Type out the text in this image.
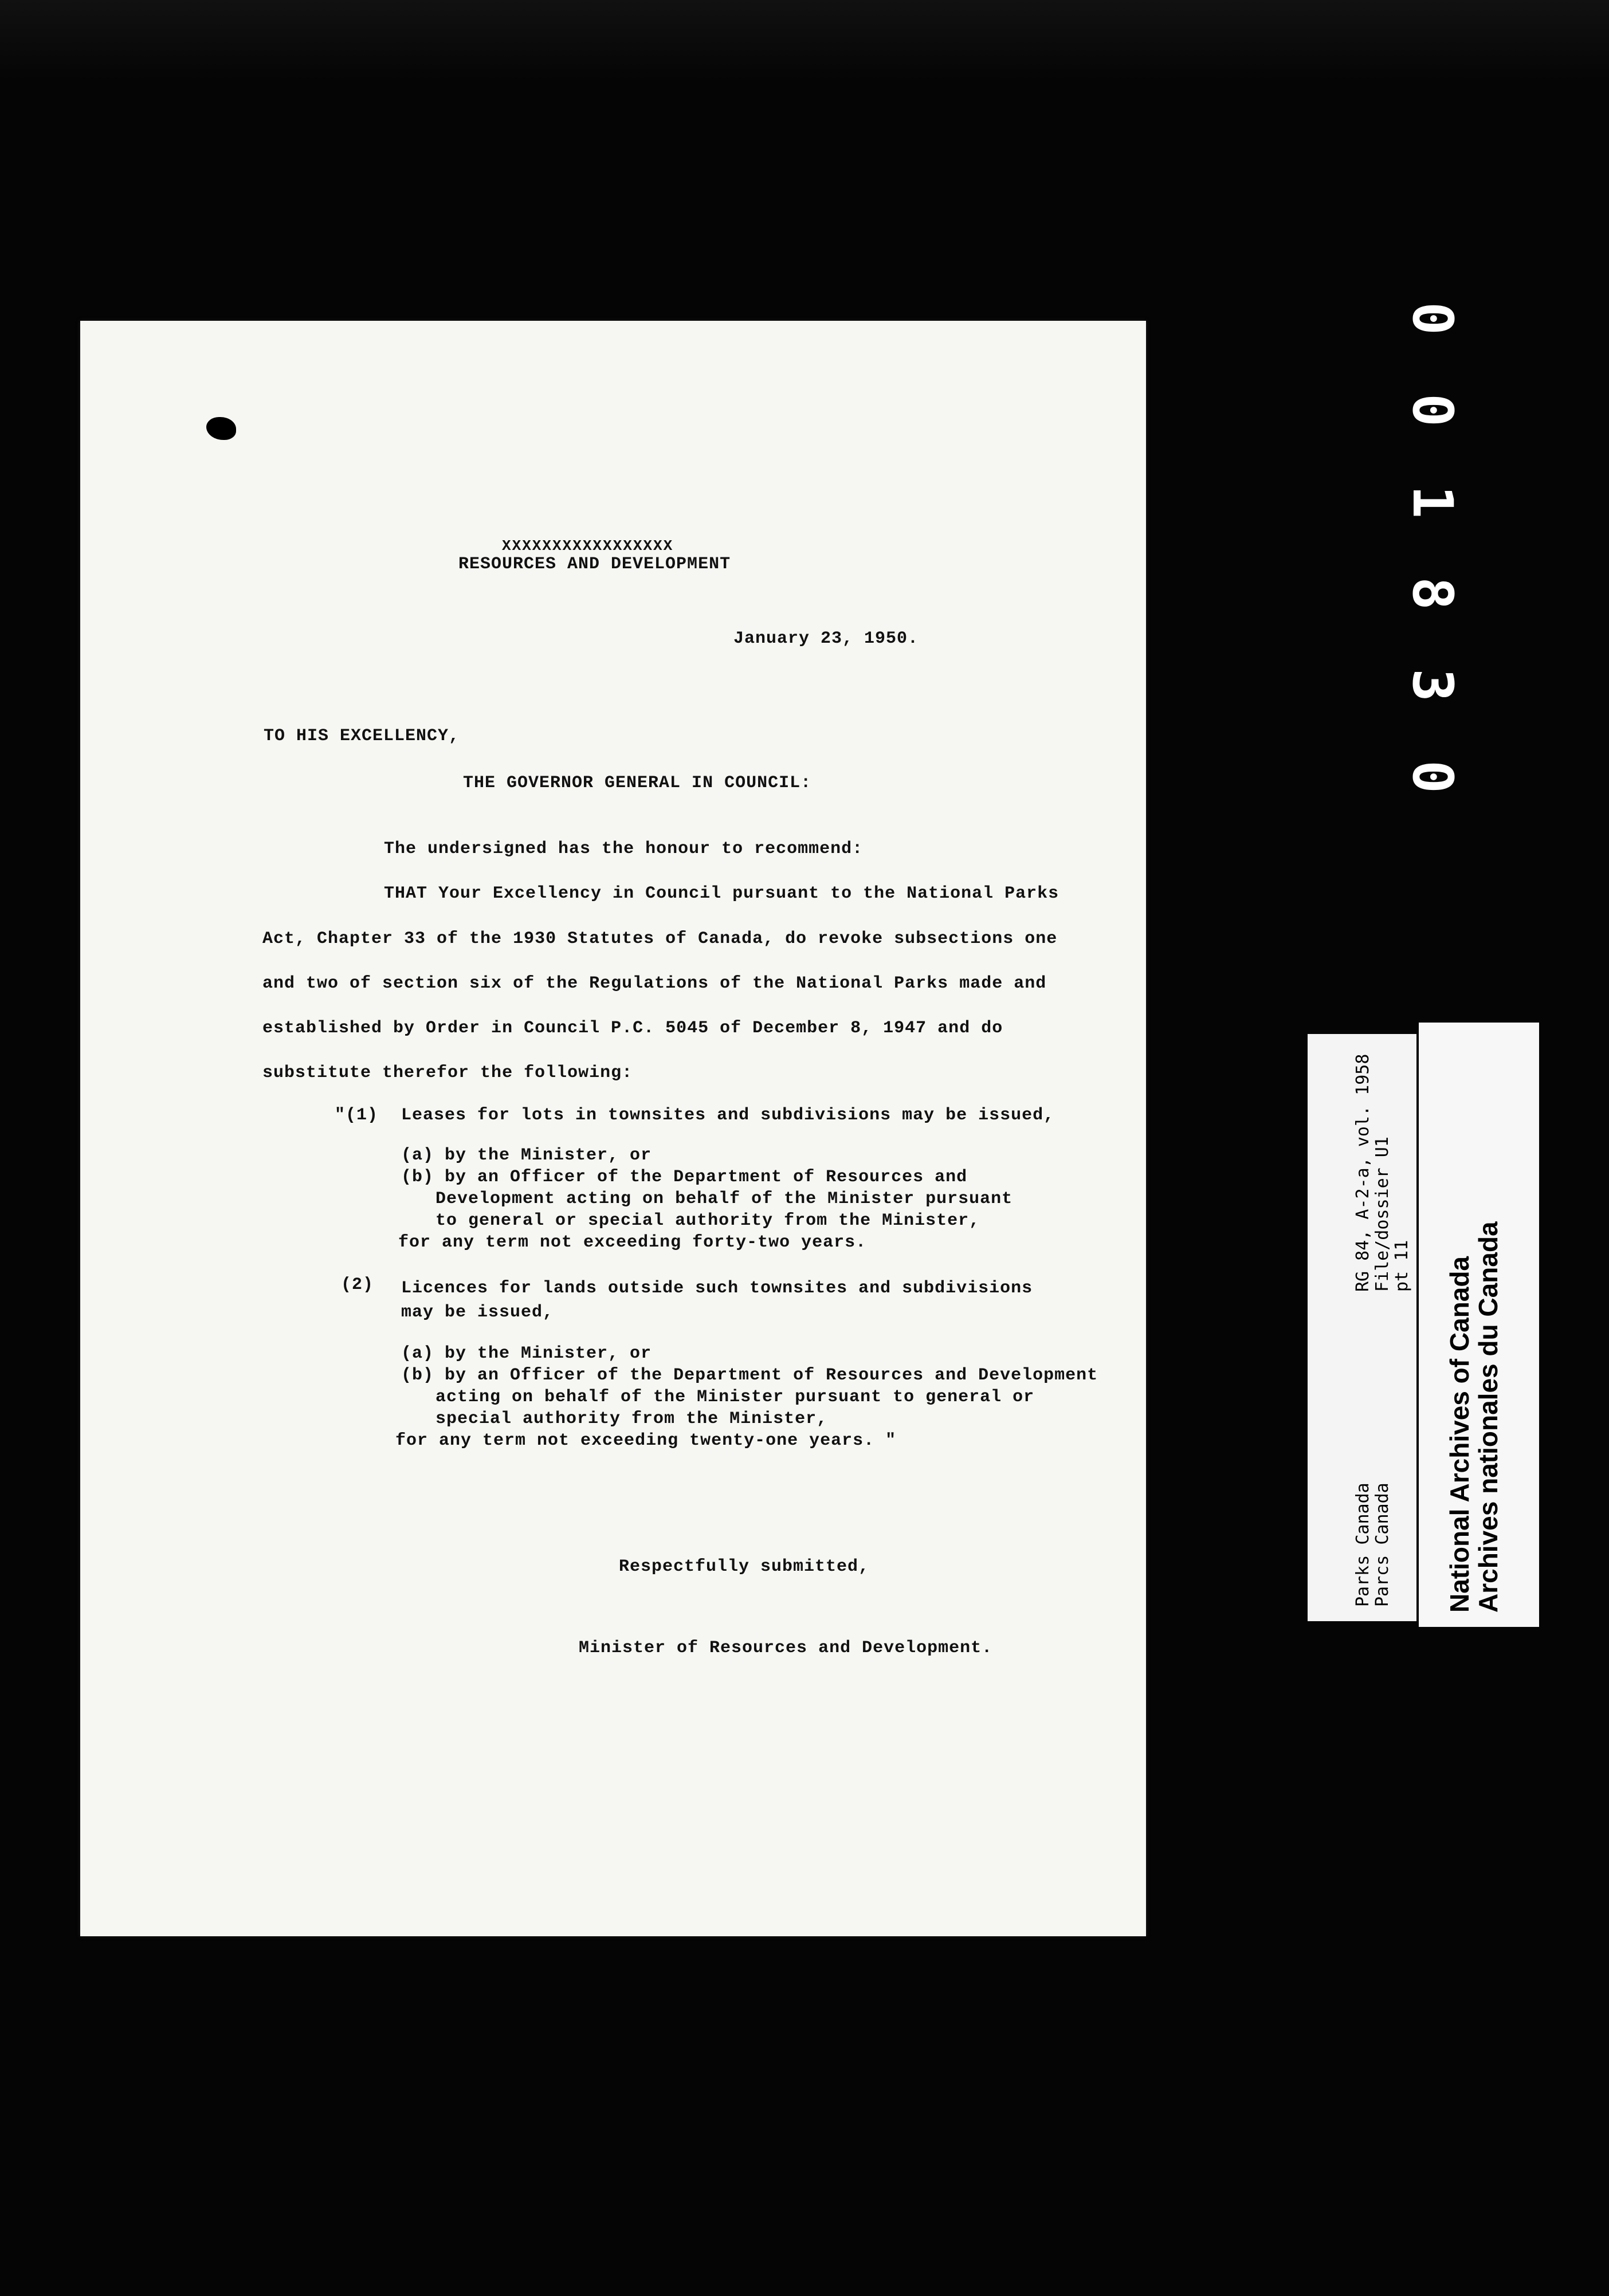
XXXXXXXXXXXXXXXXX
RESOURCES AND DEVELOPMENT
January 23, 1950.
TO HIS EXCELLENCY,
THE GOVERNOR GENERAL IN COUNCIL:
The undersigned has the honour to recommend:
THAT Your Excellency in Council pursuant to the National Parks
Act, Chapter 33 of the 1930 Statutes of Canada, do revoke subsections one
and two of section six of the Regulations of the National Parks made and
established by Order in Council P.C. 5045 of December 8, 1947 and do
substitute therefor the following:
"(1) Leases for lots in townsites and subdivisions may be issued,
(a) by the Minister, or
(b) by an Officer of the Department of Resources and
Development acting on behalf of the Minister pursuant
to general or special authority from the Minister,
for any term not exceeding forty-two years.
(2) Licences for lands outside such townsites and subdivisions
may be issued,
(a) by the Minister, or
(b) by an Officer of the Department of Resources and Development
acting on behalf of the Minister pursuant to general or
special authority from the Minister,
for any term not exceeding twenty-one years. "
Respectfully submitted,
Minister of Resources and Development.
0
0
1
8
3
0
RG 84, A-2-a, vol. 1958 File/dossier U1 pt 11
Parks Canada Parcs Canada National Archives of Canada
Archives nationales du Canada
